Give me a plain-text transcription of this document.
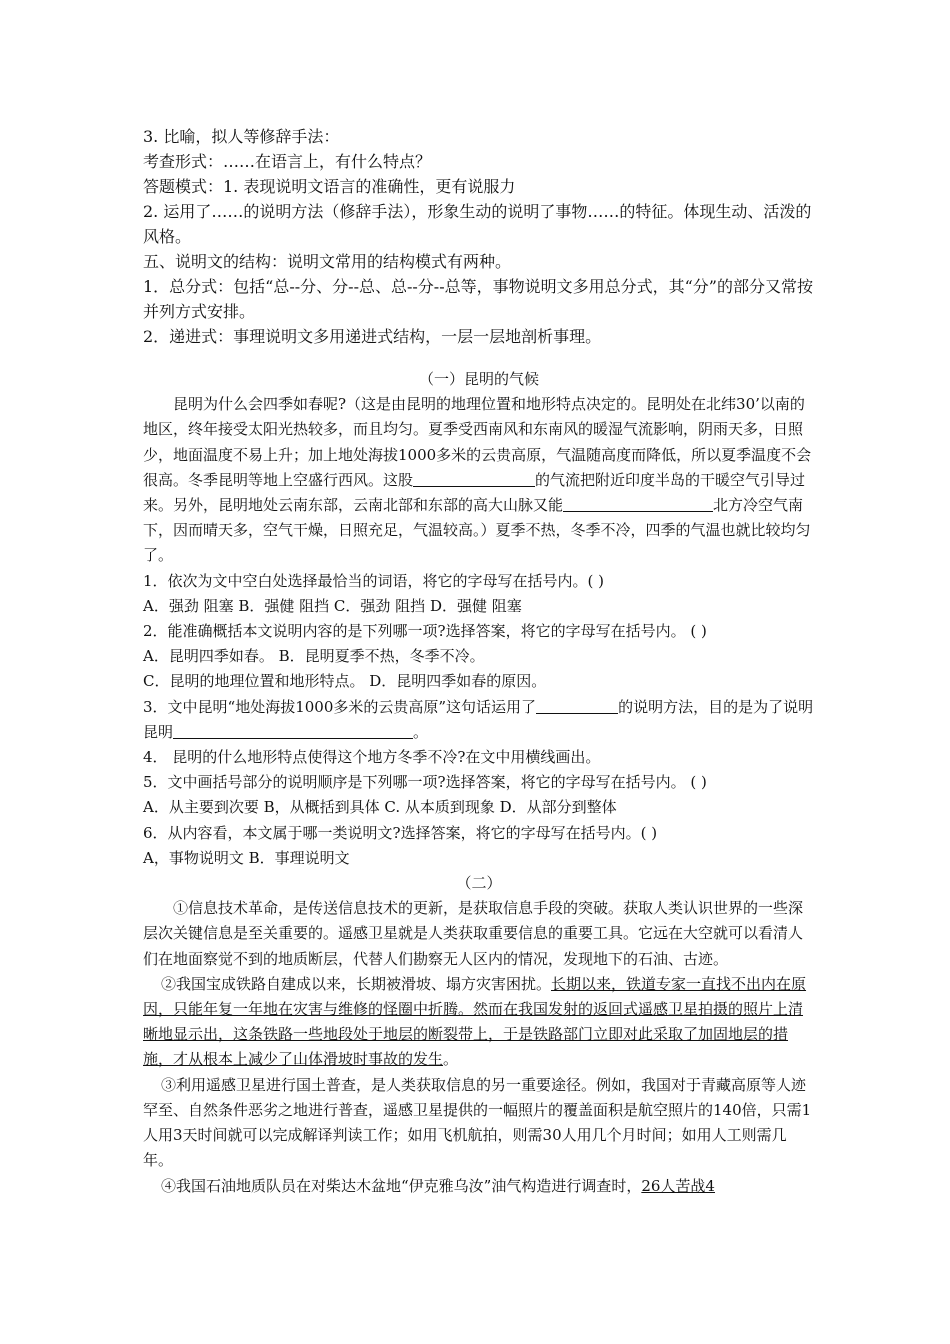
3. 比喻，拟人等修辞手法：

考查形式：……在语言上，有什么特点？

答题模式：1. 表现说明文语言的准确性，更有说服力

2. 运用了……的说明方法（修辞手法），形象生动的说明了事物……的特征。体现生动、活泼的风格。

五、说明文的结构：说明文常用的结构模式有两种。

1．总分式：包括“总--分、分--总、总--分--总等，事物说明文多用总分式，其“分”的部分又常按并列方式安排。

2．递进式：事理说明文多用递进式结构，一层一层地剖析事理。

（一）昆明的气候

昆明为什么会四季如春呢?（这是由昆明的地理位置和地形特点决定的。昆明处在北纬30’以南的地区，终年接受太阳光热较多，而且均匀。夏季受西南风和东南风的暖湿气流影响，阴雨天多，日照少，地面温度不易上升；加上地处海拔1000多米的云贵高原，气温随高度而降低，所以夏季温度不会很高。冬季昆明等地上空盛行西风。这股	的气流把附近印度半岛的干暖空气引导过来。另外，昆明地处云南东部，云南北部和东部的高大山脉又能	北方冷空气南下，因而晴天多，空气干燥，日照充足，气温较高。）夏季不热，冬季不冷，四季的气温也就比较均匀了。

1．依次为文中空白处选择最恰当的词语，将它的字母写在括号内。( )

A．强劲 阻塞 B．强健 阻挡 C．强劲 阻挡 D．强健 阻塞

2．能准确概括本文说明内容的是下列哪一项?选择答案，将它的字母写在括号内。 ( )

A．昆明四季如春。 B．昆明夏季不热，冬季不冷。

C．昆明的地理位置和地形特点。 D．昆明四季如春的原因。

3．文中昆明“地处海拔1000多米的云贵高原”这句话运用了	的说明方法，目的是为了说明昆明	。

4． 昆明的什么地形特点使得这个地方冬季不冷?在文中用横线画出。

5．文中画括号部分的说明顺序是下列哪一项?选择答案，将它的字母写在括号内。 ( )

A．从主要到次要 B，从概括到具体 C. 从本质到现象 D．从部分到整体

6．从内容看，本文属于哪一类说明文?选择答案，将它的字母写在括号内。( )

A，事物说明文 B．事理说明文

（二）

①信息技术革命，是传送信息技术的更新，是获取信息手段的突破。获取人类认识世界的一些深层次关键信息是至关重要的。遥感卫星就是人类获取重要信息的重要工具。它远在大空就可以看清人们在地面察觉不到的地质断层，代替人们勘察无人区内的情况，发现地下的石油、古迹。

②我国宝成铁路自建成以来，长期被滑坡、塌方灾害困扰。长期以来，铁道专家一直找不出内在原因，只能年复一年地在灾害与维修的怪圈中折腾。然而在我国发射的返回式遥感卫星拍摄的照片上清晰地显示出，这条铁路一些地段处于地层的断裂带上，于是铁路部门立即对此采取了加固地层的措施，才从根本上减少了山体滑坡时事故的发生。

③利用遥感卫星进行国土普查，是人类获取信息的另一重要途径。例如，我国对于青藏高原等人迹罕至、自然条件恶劣之地进行普查，遥感卫星提供的一幅照片的覆盖面积是航空照片的140倍，只需1人用3天时间就可以完成解译判读工作；如用飞机航拍，则需30人用几个月时间；如用人工则需几年。

④我国石油地质队员在对柴达木盆地“伊克雅乌汝”油气构造进行调查时，26人苦战4
